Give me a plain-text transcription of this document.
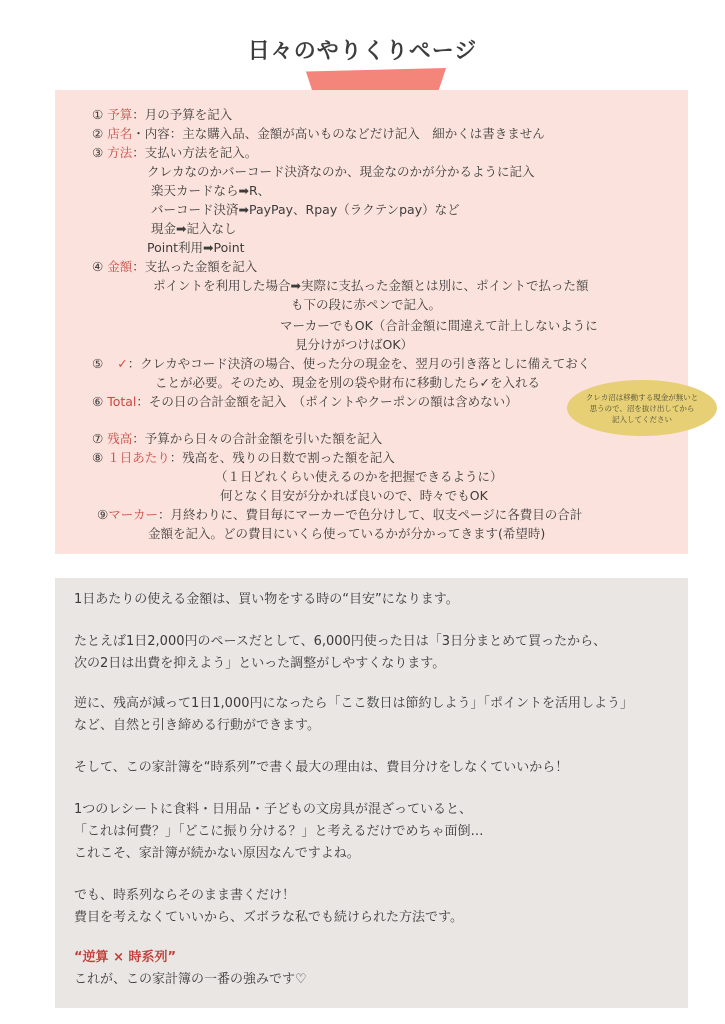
日々のやりくりページ
① 予算：月の予算を記入
② 店名・内容：主な購入品、金額が高いものなどだけ記入　細かくは書きません
③ 方法：支払い方法を記入。
クレカなのかバーコード決済なのか、現金なのかが分かるように記入
楽天カードなら➡R、
バーコード決済➡PayPay、Rpay（ラクテンpay）など
現金➡記入なし
Point利用➡Point
④ 金額：支払った金額を記入
ポイントを利用した場合➡実際に支払った金額とは別に、ポイントで払った額
も下の段に赤ペンで記入。
マーカーでもOK（合計金額に間違えて計上しないように
見分けがつけばOK）
⑤ ✓：クレカやコード決済の場合、使った分の現金を、翌月の引き落としに備えておく
ことが必要。そのため、現金を別の袋や財布に移動したら✓を入れる
⑥ Total：その日の合計金額を記入　（ポイントやクーポンの額は含めない）
⑦ 残高：予算から日々の合計金額を引いた額を記入
⑧ １日あたり：残高を、残りの日数で割った額を記入
（１日どれくらい使えるのかを把握できるように）
何となく目安が分かれば良いので、時々でもOK
⑨マーカー：月終わりに、費目毎にマーカーで色分けして、収支ページに各費目の合計
金額を記入。どの費目にいくら使っているかが分かってきます(希望時)
クレカ沼は移動する現金が無いと
思うので、沼を抜け出してから
記入してください
1日あたりの使える金額は、買い物をする時の“目安”になります。
たとえば1日2,000円のペースだとして、6,000円使った日は「3日分まとめて買ったから、
次の2日は出費を抑えよう」といった調整がしやすくなります。
逆に、残高が減って1日1,000円になったら「ここ数日は節約しよう」「ポイントを活用しよう」
など、自然と引き締める行動ができます。
そして、この家計簿を“時系列”で書く最大の理由は、費目分けをしなくていいから！
1つのレシートに食料・日用品・子どもの文房具が混ざっていると、
「これは何費？」「どこに振り分ける？」と考えるだけでめちゃ面倒…
これこそ、家計簿が続かない原因なんですよね。
でも、時系列ならそのまま書くだけ！
費目を考えなくていいから、ズボラな私でも続けられた方法です。
“逆算 × 時系列”
これが、この家計簿の一番の強みです♡
